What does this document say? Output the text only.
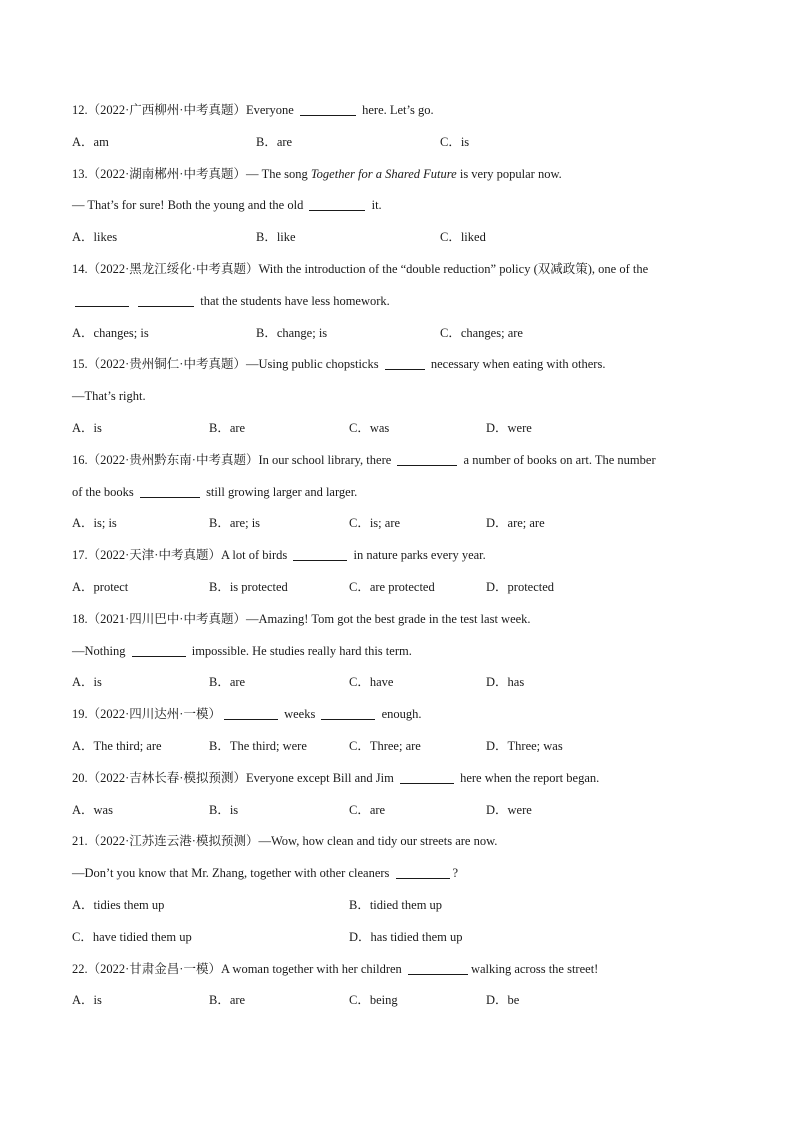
12.（2022·广西柳州·中考真题）Everyone	here. Let’s go.
A．am	B．are	C．is
13.（2022·湖南郴州·中考真题）— The song Together for a Shared Future is very popular now.
— That’s for sure! Both the young and the old	it.
A．likes	B．like	C．liked
14.（2022·黑龙江绥化·中考真题）With the introduction of the “double reduction” policy (双减政策), one of the
that the students have less homework.
A．changes; is	B．change; is	C．changes; are
15.（2022·贵州铜仁·中考真题）—Using public chopsticks	necessary when eating with others.
—That’s right.
A．is	B．are	C．was	D．were
16.（2022·贵州黔东南·中考真题）In our school library, there	a number of books on art. The number
of the books	still growing larger and larger.
A．is; is	B．are; is	C．is; are	D．are; are
17.（2022·天津·中考真题）A lot of birds	in nature parks every year.
A．protect	B．is protected	C．are protected	D．protected
18.（2021·四川巴中·中考真题）—Amazing! Tom got the best grade in the test last week.
—Nothing	impossible. He studies really hard this term.
A．is	B．are	C．have	D．has
19.（2022·四川达州·一模）	weeks	enough.
A．The third; are	B．The third; were	C．Three; are	D．Three; was
20.（2022·吉林长春·模拟预测）Everyone except Bill and Jim	here when the report began.
A．was	B．is	C．are	D．were
21.（2022·江苏连云港·模拟预测）—Wow, how clean and tidy our streets are now.
—Don’t you know that Mr. Zhang, together with other cleaners	?
A．tidies them up	B．tidied them up
C．have tidied them up	D．has tidied them up
22.（2022·甘肃金昌·一模）A woman together with her children	walking across the street!
A．is	B．are	C．being	D．be
